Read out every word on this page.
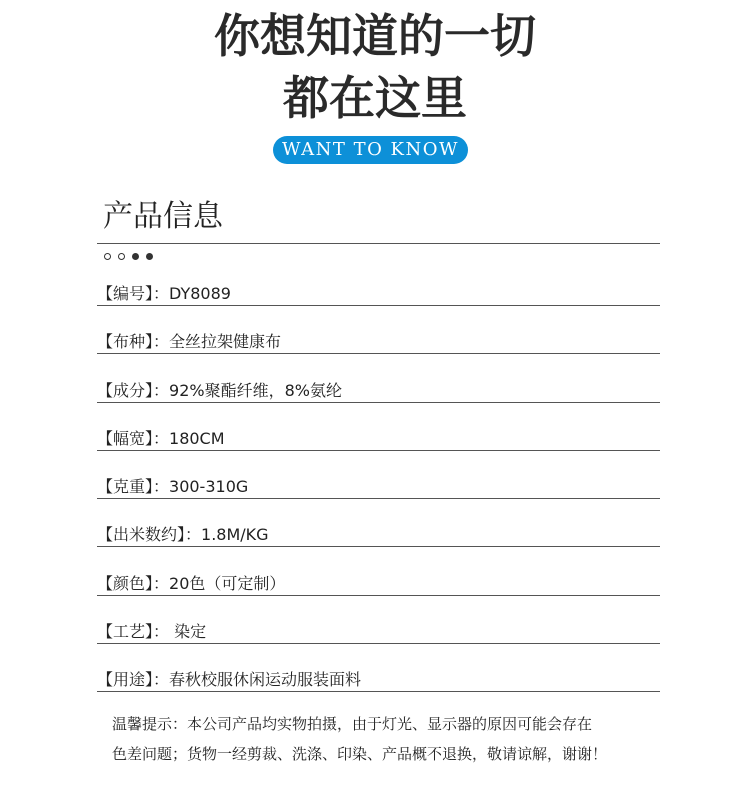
你想知道的一切
都在这里
WANT TO KNOW
产品信息
【编号】：DY8089
【布种】：全丝拉架健康布
【成分】：92%聚酯纤维，8%氨纶
【幅宽】：180CM
【克重】：300-310G
【出米数约】：1.8M/KG
【颜色】：20色（可定制）
【工艺】： 染定
【用途】：春秋校服休闲运动服装面料
温馨提示：本公司产品均实物拍摄，由于灯光、显示器的原因可能会存在
色差问题；货物一经剪裁、洗涤、印染、产品概不退换，敬请谅解，谢谢！
